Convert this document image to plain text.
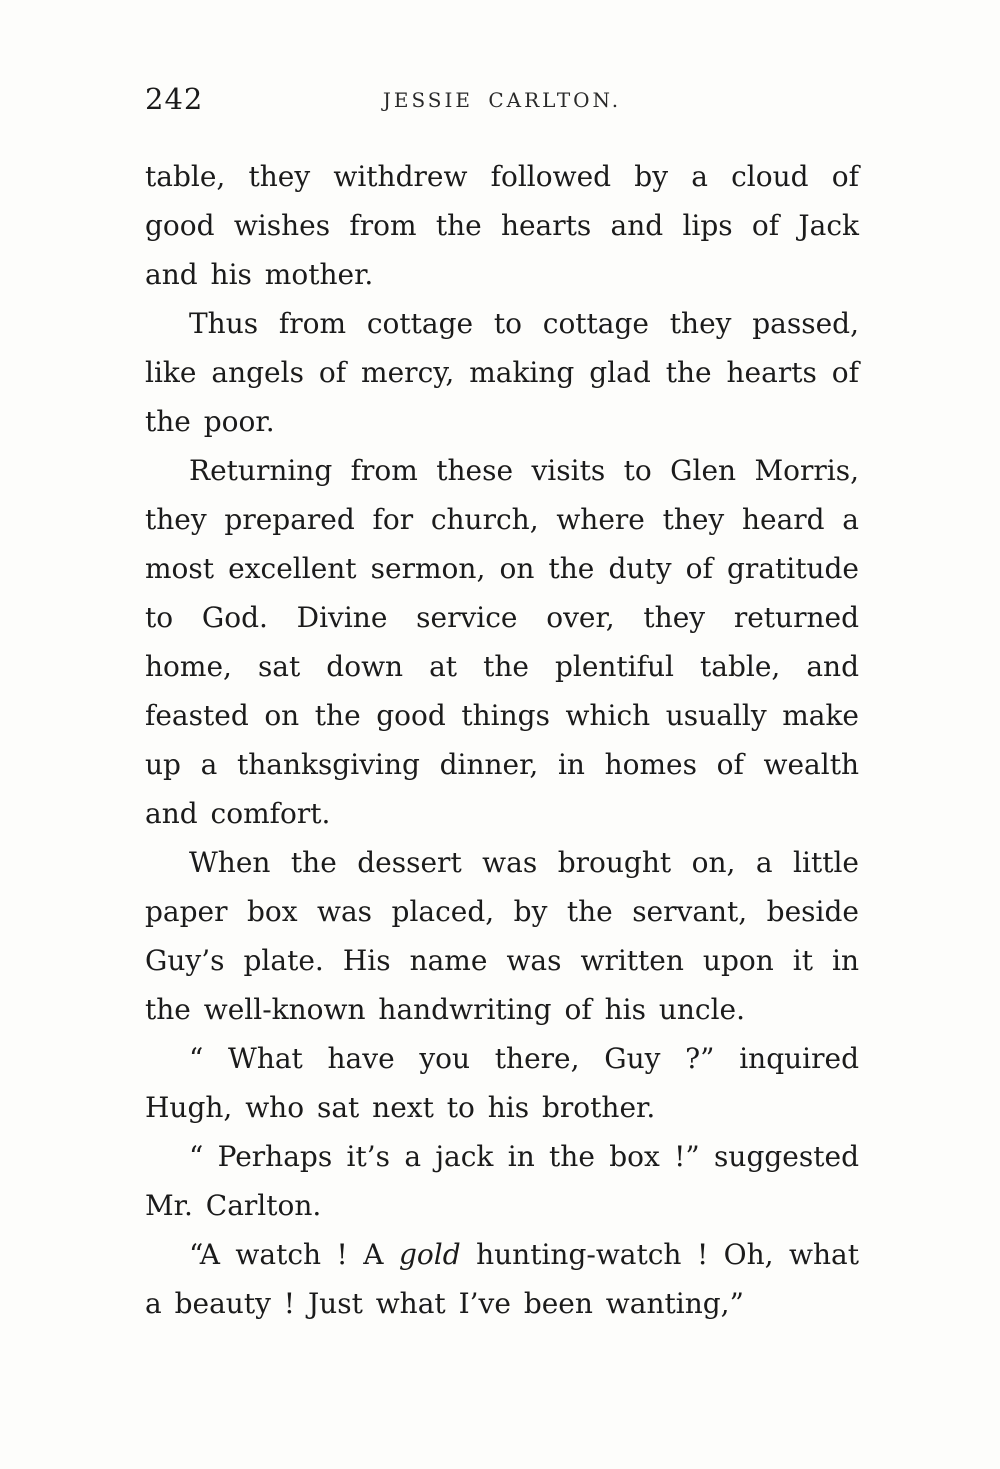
242	JESSIE CARLTON.

table, they withdrew followed by a cloud of good wishes from the hearts and lips of Jack and his mother.

Thus from cottage to cottage they passed, like angels of mercy, making glad the hearts of the poor.

Returning from these visits to Glen Morris, they prepared for church, where they heard a most excellent sermon, on the duty of gratitude to God. Divine service over, they returned home, sat down at the plentiful table, and feasted on the good things which usually make up a thanksgiving dinner, in homes of wealth and comfort.

When the dessert was brought on, a little paper box was placed, by the servant, beside Guy’s plate. His name was written upon it in the well-known handwriting of his uncle.

“ What have you there, Guy ?” inquired Hugh, who sat next to his brother.

“ Perhaps it’s a jack in the box !” suggested Mr. Carlton.

“A watch ! A gold hunting-watch ! Oh, what a beauty ! Just what I’ve been wanting,”
